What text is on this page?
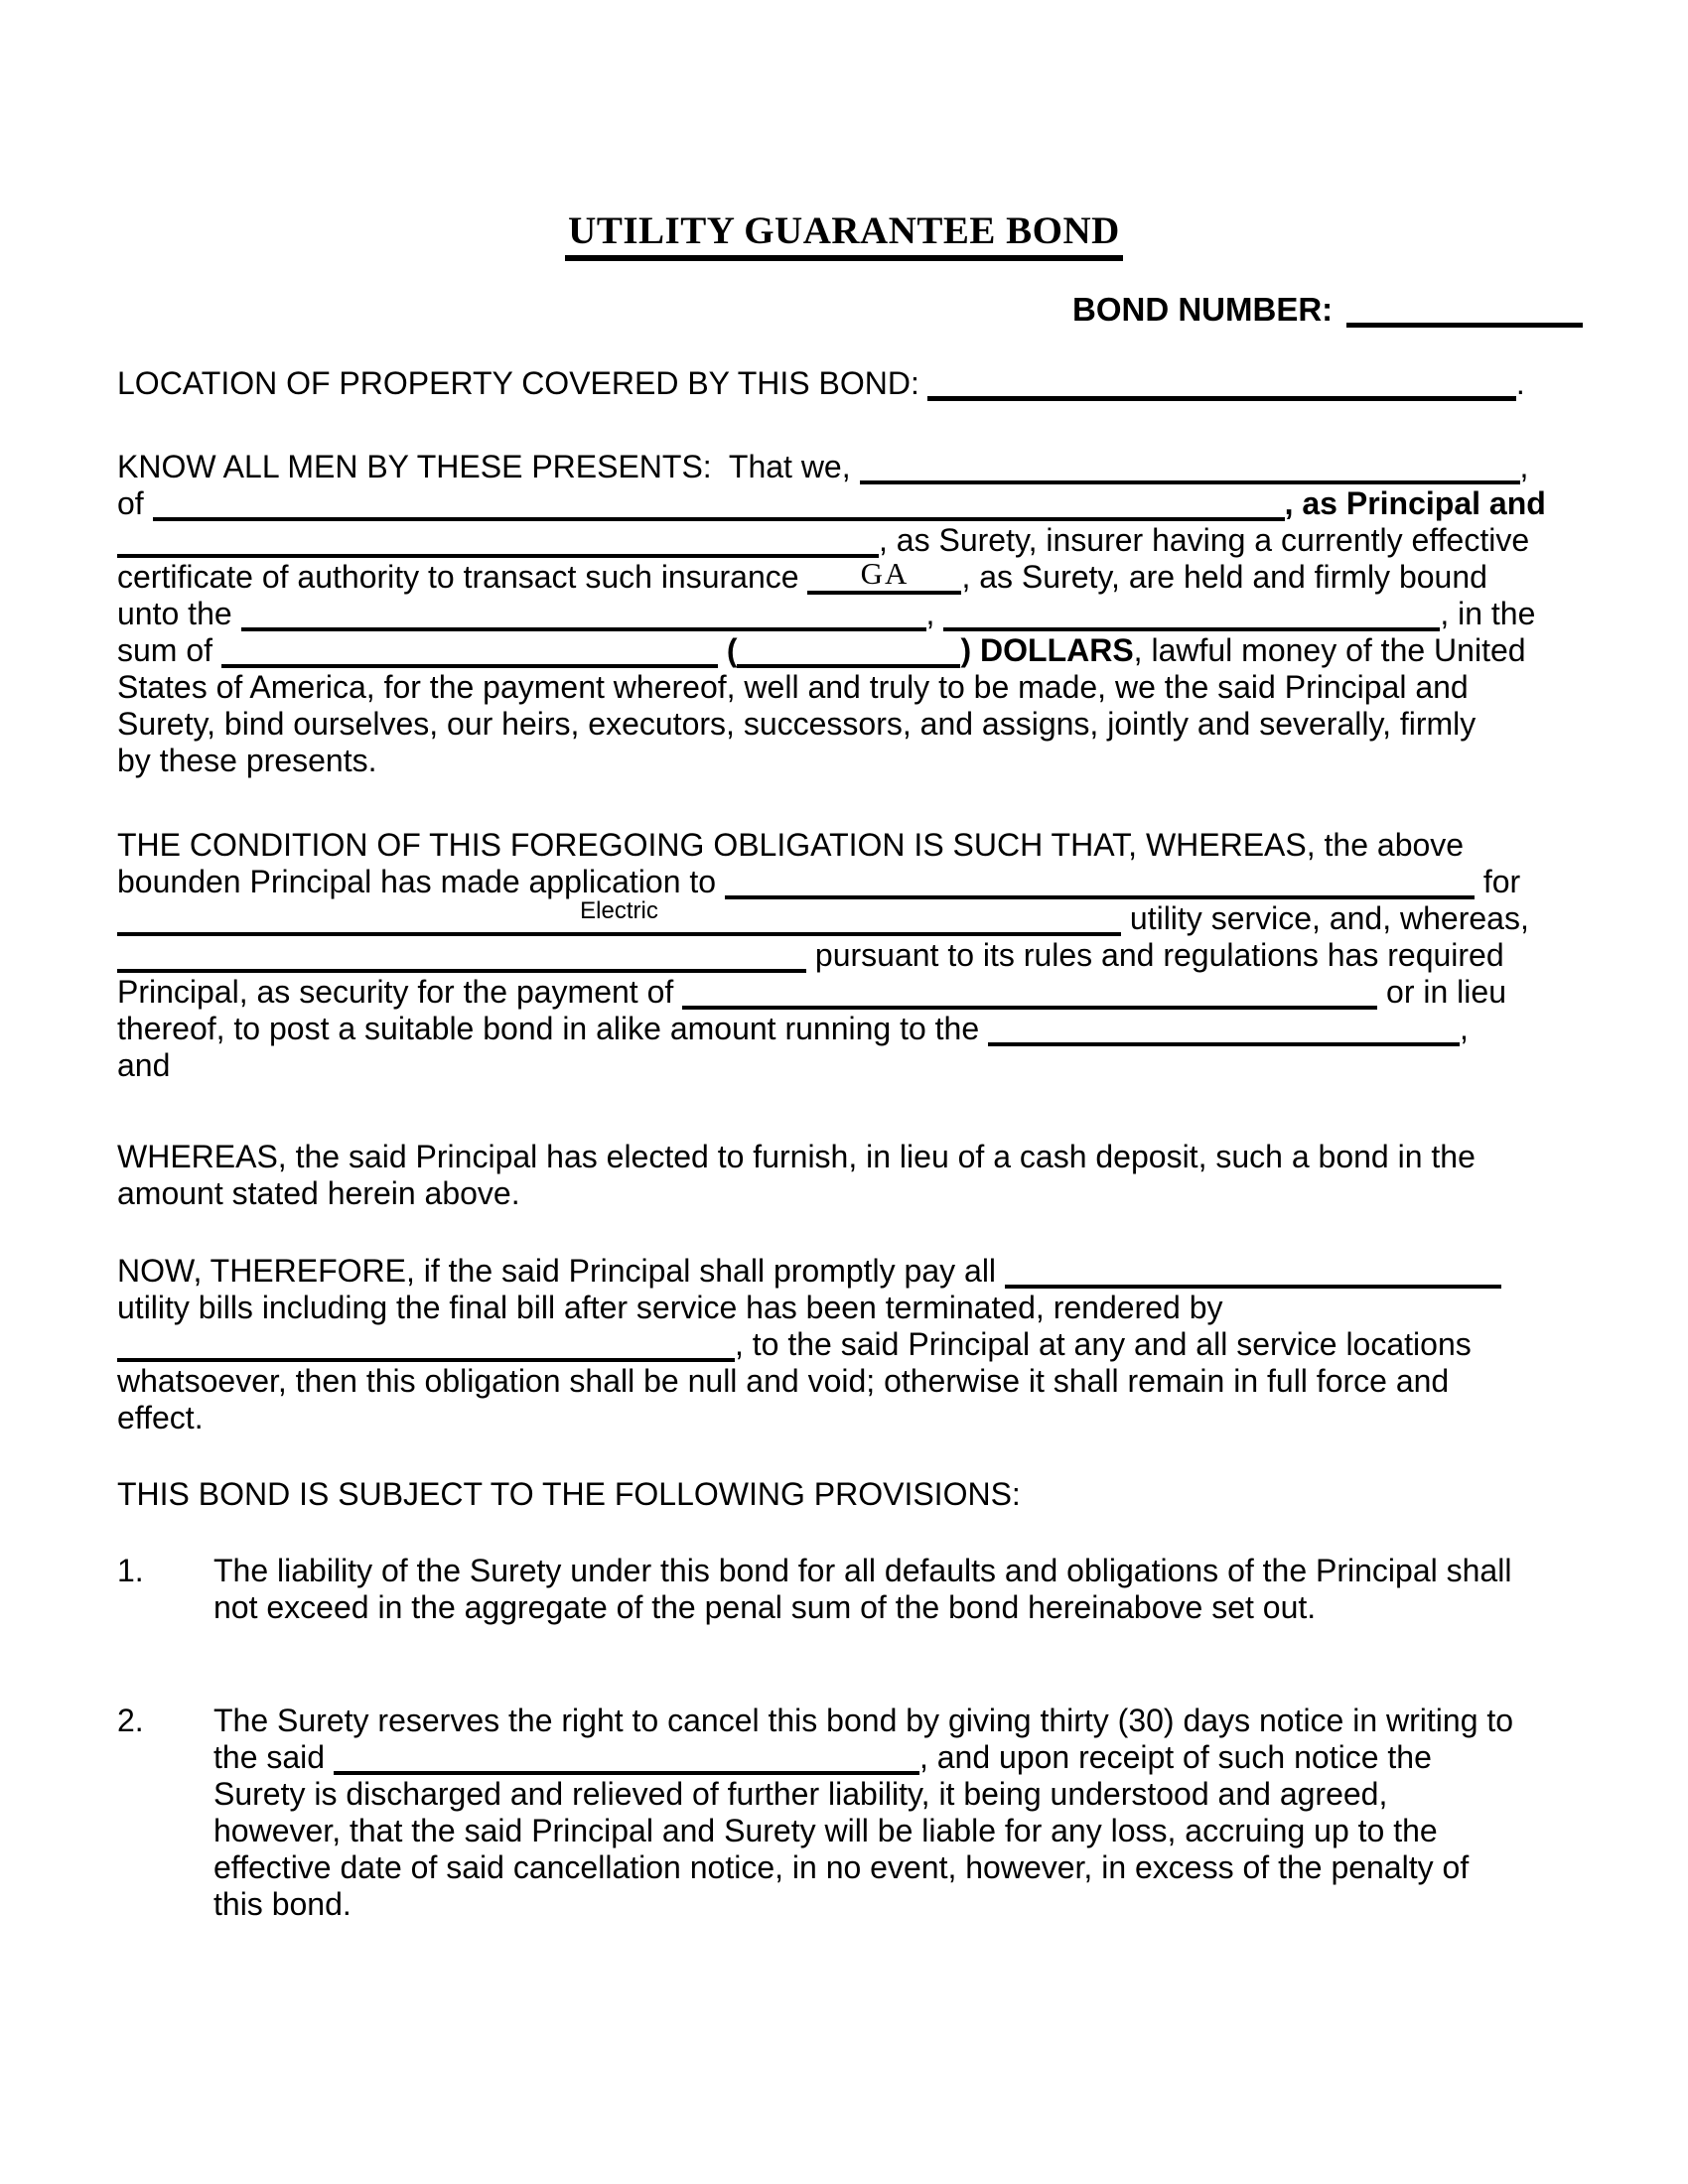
UTILITY GUARANTEE BOND
BOND NUMBER:
LOCATION OF PROPERTY COVERED BY THIS BOND:	.
KNOW ALL MEN BY THESE PRESENTS:  That we,	,
of	, as Principal and
, as Surety, insurer having a currently effective
certificate of authority to transact such insurance	GA	, as Surety, are held and firmly bound
unto the	,	, in the
sum of	(	) DOLLARS, lawful money of the United
States of America, for the payment whereof, well and truly to be made, we the said Principal and
Surety, bind ourselves, our heirs, executors, successors, and assigns, jointly and severally, firmly
by these presents.
THE CONDITION OF THIS FOREGOING OBLIGATION IS SUCH THAT, WHEREAS, the above
bounden Principal has made application to	for
Electric	utility service, and, whereas,
pursuant to its rules and regulations has required
Principal, as security for the payment of	or in lieu
thereof, to post a suitable bond in alike amount running to the	,
and
WHEREAS, the said Principal has elected to furnish, in lieu of a cash deposit, such a bond in the
amount stated herein above.
NOW, THEREFORE, if the said Principal shall promptly pay all
utility bills including the final bill after service has been terminated, rendered by
, to the said Principal at any and all service locations
whatsoever, then this obligation shall be null and void; otherwise it shall remain in full force and
effect.
THIS BOND IS SUBJECT TO THE FOLLOWING PROVISIONS:
1.	The liability of the Surety under this bond for all defaults and obligations of the Principal shall
not exceed in the aggregate of the penal sum of the bond hereinabove set out.
2.	The Surety reserves the right to cancel this bond by giving thirty (30) days notice in writing to
the said	, and upon receipt of such notice the
Surety is discharged and relieved of further liability, it being understood and agreed,
however, that the said Principal and Surety will be liable for any loss, accruing up to the
effective date of said cancellation notice, in no event, however, in excess of the penalty of
this bond.
